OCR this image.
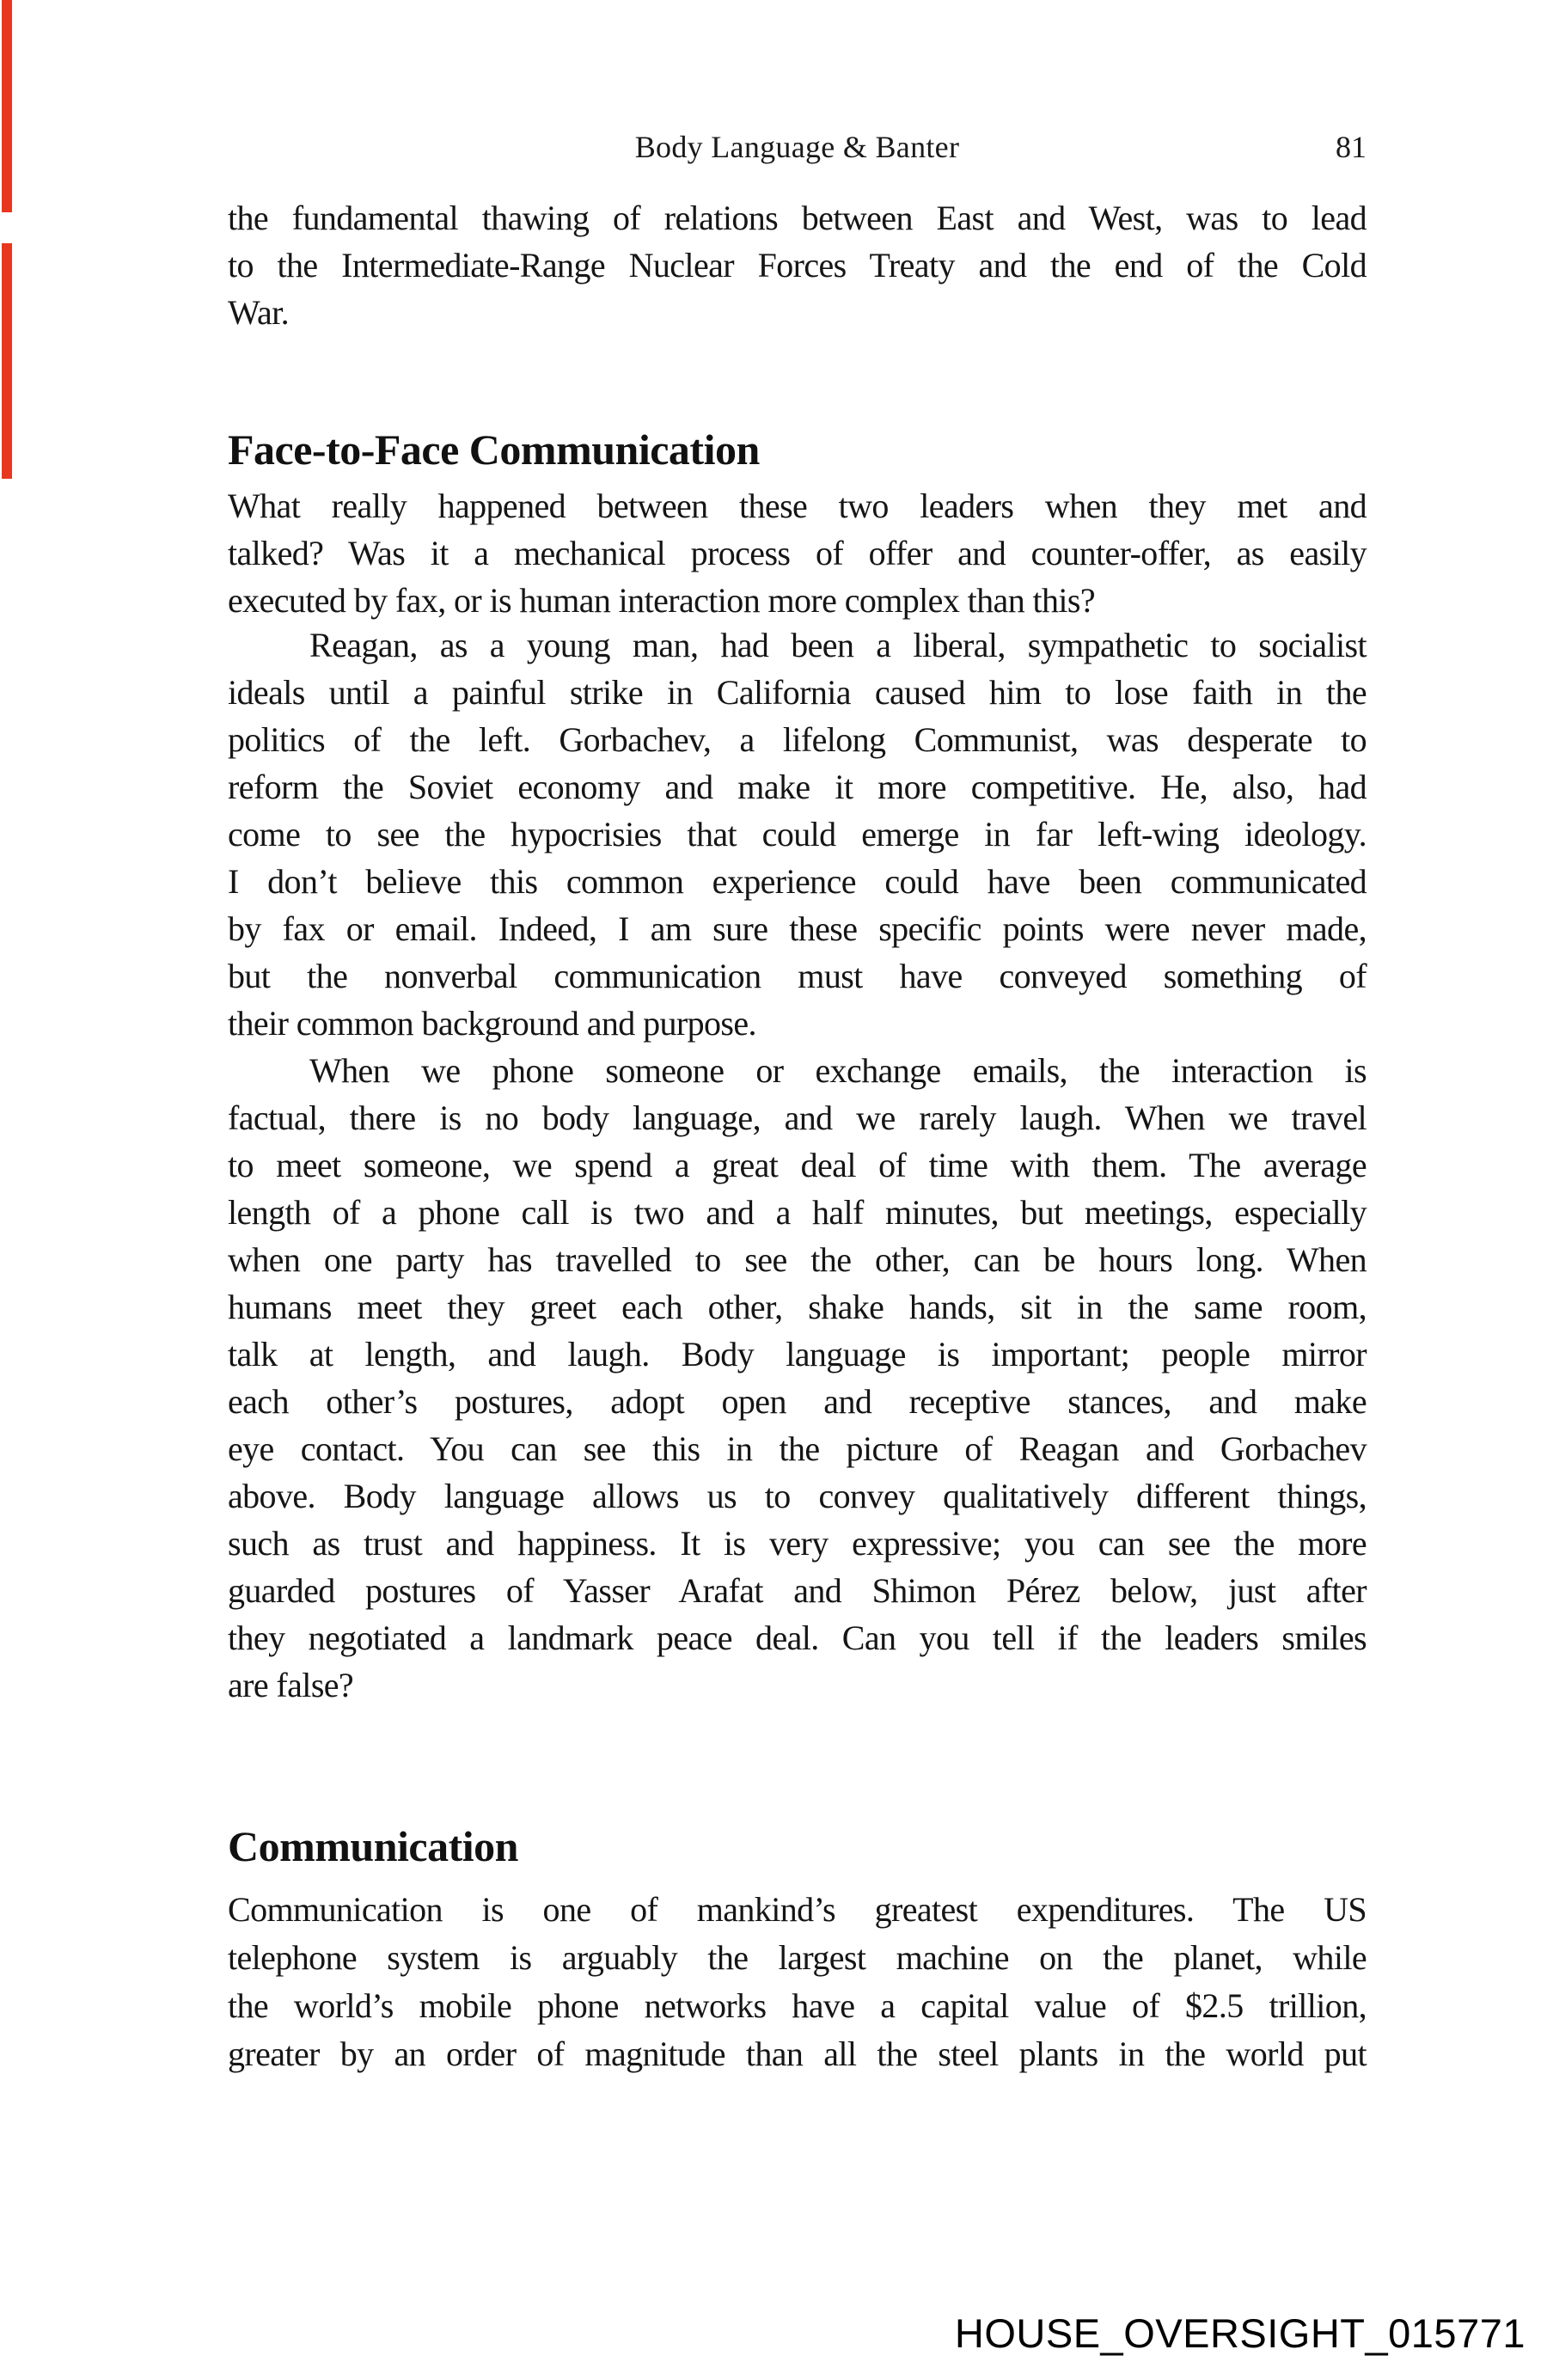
Body Language & Banter	81
the fundamental thawing of relations between East and West, was to lead
to the Intermediate-Range Nuclear Forces Treaty and the end of the Cold
War.
Face-to-Face Communication
What really happened between these two leaders when they met and
talked? Was it a mechanical process of offer and counter-offer, as easily
executed by fax, or is human interaction more complex than this?
Reagan, as a young man, had been a liberal, sympathetic to socialist
ideals until a painful strike in California caused him to lose faith in the
politics of the left. Gorbachev, a lifelong Communist, was desperate to
reform the Soviet economy and make it more competitive. He, also, had
come to see the hypocrisies that could emerge in far left-wing ideology.
I don’t believe this common experience could have been communicated
by fax or email. Indeed, I am sure these specific points were never made,
but the nonverbal communication must have conveyed something of
their common background and purpose.
When we phone someone or exchange emails, the interaction is
factual, there is no body language, and we rarely laugh. When we travel
to meet someone, we spend a great deal of time with them. The average
length of a phone call is two and a half minutes, but meetings, especially
when one party has travelled to see the other, can be hours long. When
humans meet they greet each other, shake hands, sit in the same room,
talk at length, and laugh. Body language is important; people mirror
each other’s postures, adopt open and receptive stances, and make
eye contact. You can see this in the picture of Reagan and Gorbachev
above. Body language allows us to convey qualitatively different things,
such as trust and happiness. It is very expressive; you can see the more
guarded postures of Yasser Arafat and Shimon Pérez below, just after
they negotiated a landmark peace deal. Can you tell if the leaders smiles
are false?
Communication
Communication is one of mankind’s greatest expenditures. The US
telephone system is arguably the largest machine on the planet, while
the world’s mobile phone networks have a capital value of $2.5 trillion,
greater by an order of magnitude than all the steel plants in the world put
HOUSE_OVERSIGHT_015771
